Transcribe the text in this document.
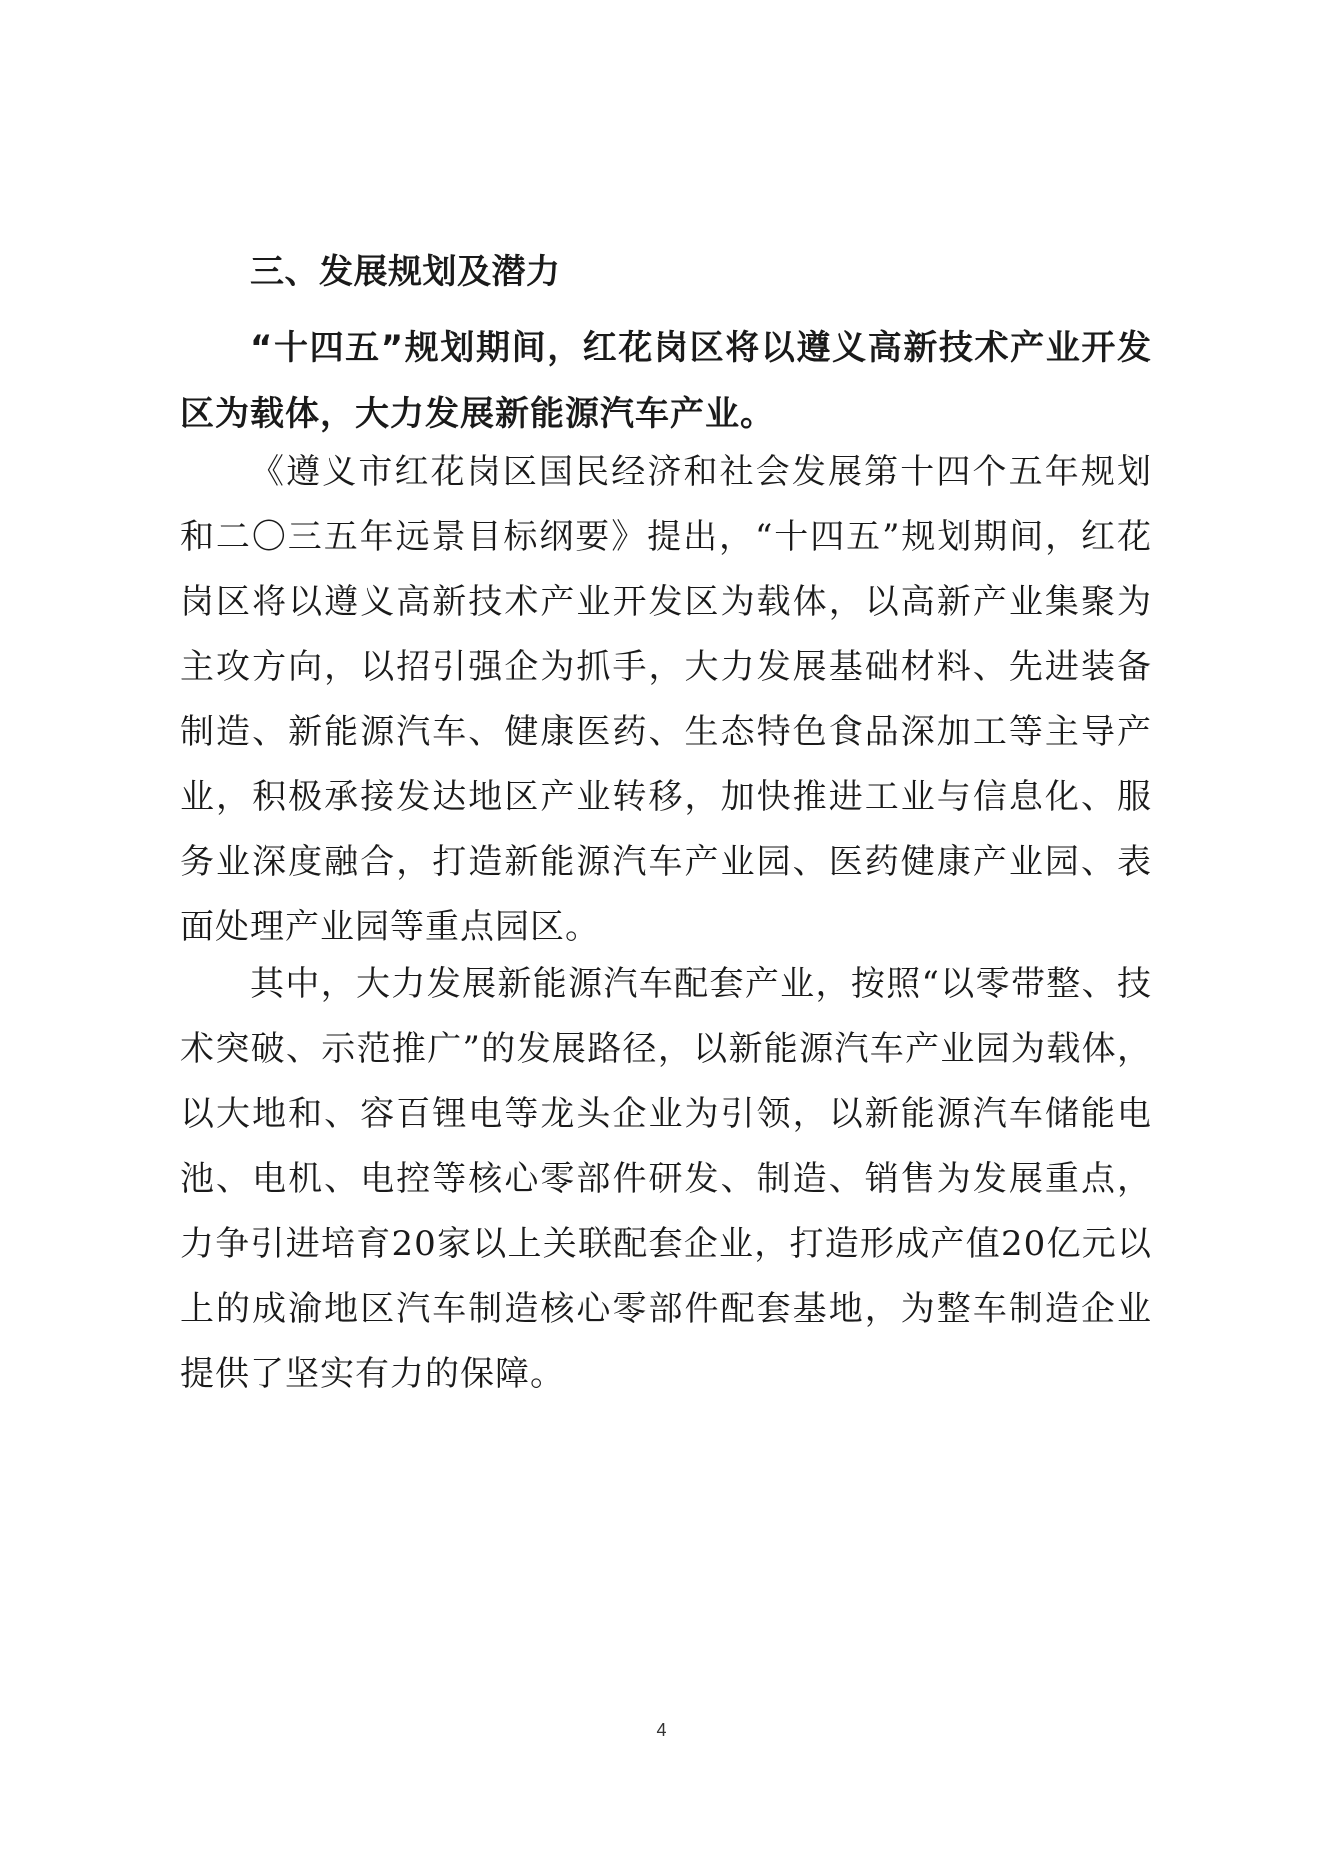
三、发展规划及潜力

“十四五”规划期间，红花岗区将以遵义高新技术产业开发区为载体，大力发展新能源汽车产业。

《遵义市红花岗区国民经济和社会发展第十四个五年规划和二〇三五年远景目标纲要》提出，“十四五”规划期间，红花岗区将以遵义高新技术产业开发区为载体，以高新产业集聚为主攻方向，以招引强企为抓手，大力发展基础材料、先进装备制造、新能源汽车、健康医药、生态特色食品深加工等主导产业，积极承接发达地区产业转移，加快推进工业与信息化、服务业深度融合，打造新能源汽车产业园、医药健康产业园、表面处理产业园等重点园区。

其中，大力发展新能源汽车配套产业，按照“以零带整、技术突破、示范推广”的发展路径，以新能源汽车产业园为载体，以大地和、容百锂电等龙头企业为引领，以新能源汽车储能电池、电机、电控等核心零部件研发、制造、销售为发展重点，力争引进培育20家以上关联配套企业，打造形成产值20亿元以上的成渝地区汽车制造核心零部件配套基地，为整车制造企业提供了坚实有力的保障。

4
